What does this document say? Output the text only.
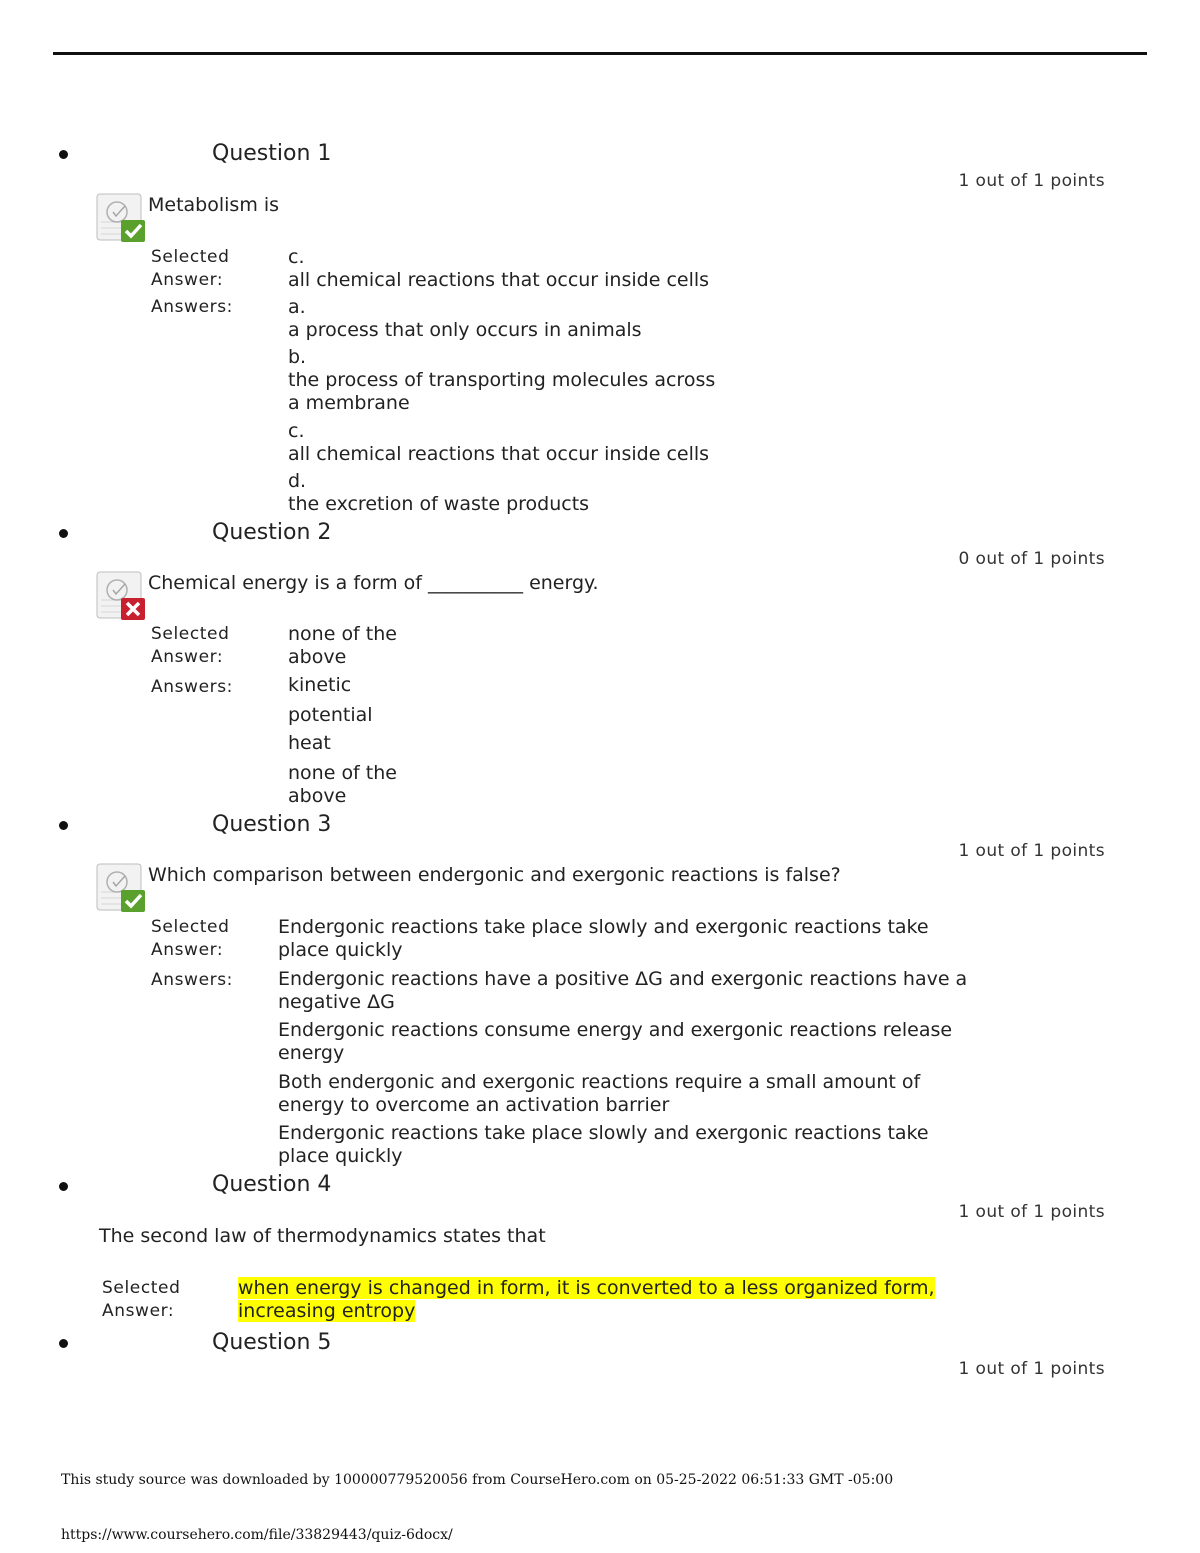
Question 1
1 out of 1 points
Metabolism is
Selected
Answer:
c.
all chemical reactions that occur inside cells
Answers:	a.
a process that only occurs in animals
b.
the process of transporting molecules across
a membrane
c.
all chemical reactions that occur inside cells
d.
the excretion of waste products
Question 2
0 out of 1 points
Chemical energy is a form of __________ energy.
Selected
Answer:
none of the
above
Answers:	kinetic
potential
heat
none of the
above
Question 3
1 out of 1 points
Which comparison between endergonic and exergonic reactions is false?
Selected
Answer:
Endergonic reactions take place slowly and exergonic reactions take
place quickly
Answers: Endergonic reactions have a positive ΔG and exergonic reactions have a
negative ΔG
Endergonic reactions consume energy and exergonic reactions release
energy
Both endergonic and exergonic reactions require a small amount of
energy to overcome an activation barrier
Endergonic reactions take place slowly and exergonic reactions take
place quickly
Question 4
1 out of 1 points
The second law of thermodynamics states that
Selected
Answer:
when energy is changed in form, it is converted to a less organized form,
increasing entropy
Question 5
1 out of 1 points
This study source was downloaded by 100000779520056 from CourseHero.com on 05-25-2022 06:51:33 GMT -05:00
https://www.coursehero.com/file/33829443/quiz-6docx/
